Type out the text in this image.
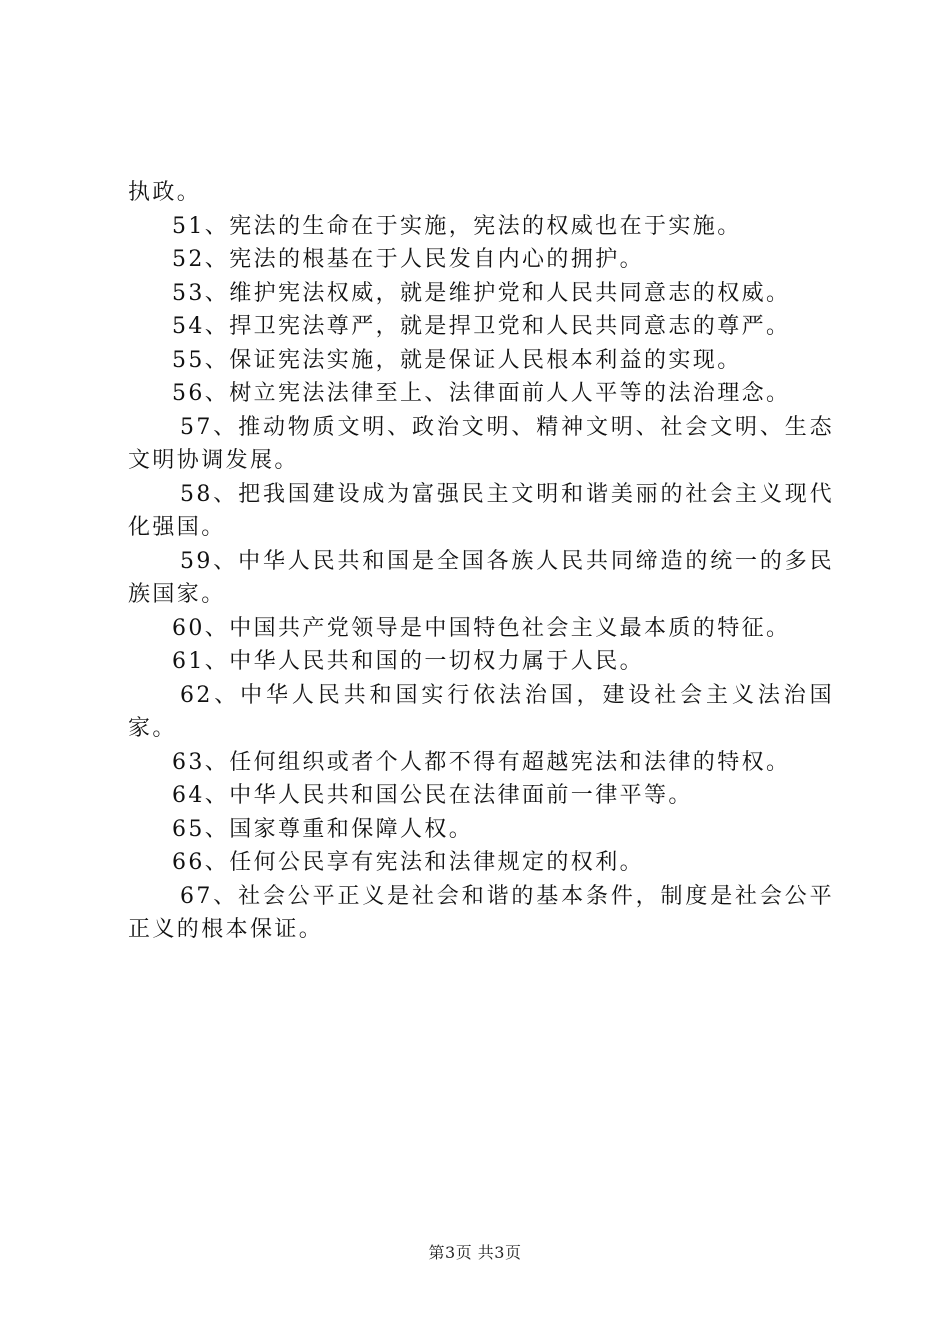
执政。

51、宪法的生命在于实施，宪法的权威也在于实施。

52、宪法的根基在于人民发自内心的拥护。

53、维护宪法权威，就是维护党和人民共同意志的权威。

54、捍卫宪法尊严，就是捍卫党和人民共同意志的尊严。

55、保证宪法实施，就是保证人民根本利益的实现。

56、树立宪法法律至上、法律面前人人平等的法治理念。

57、推动物质文明、政治文明、精神文明、社会文明、生态文明协调发展。

58、把我国建设成为富强民主文明和谐美丽的社会主义现代化强国。

59、中华人民共和国是全国各族人民共同缔造的统一的多民族国家。

60、中国共产党领导是中国特色社会主义最本质的特征。

61、中华人民共和国的一切权力属于人民。

62、中华人民共和国实行依法治国，建设社会主义法治国家。

63、任何组织或者个人都不得有超越宪法和法律的特权。

64、中华人民共和国公民在法律面前一律平等。

65、国家尊重和保障人权。

66、任何公民享有宪法和法律规定的权利。

67、社会公平正义是社会和谐的基本条件，制度是社会公平正义的根本保证。

第3页 共3页
